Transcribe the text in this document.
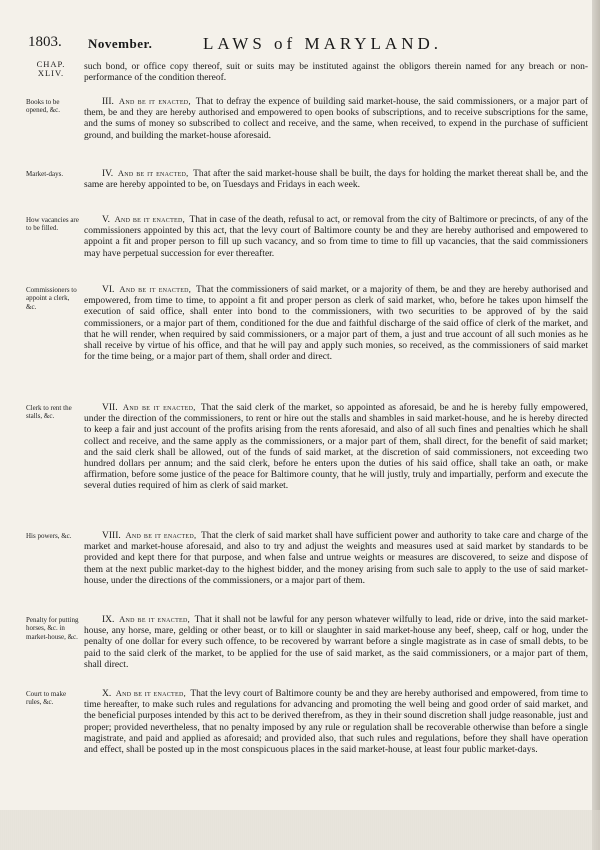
1803. November.	LAWS of MARYLAND.
CHAP.
XLIV.
such bond, or office copy thereof, suit or suits may be instituted against the obligors therein named for any breach or non-performance of the condition thereof.
Books to be opened, &c.
III. And be it enacted, That to defray the expence of building said market-house, the said commissioners, or a major part of them, be and they are hereby authorised and empowered to open books of subscriptions, and to receive subscriptions for the same, and the sums of money so subscribed to collect and receive, and the same, when received, to expend in the purchase of sufficient ground, and building the market-house aforesaid.
Market-days.	IV. And be it enacted, That after the said market-house shall be built, the days for holding the market thereat shall be, and the same are hereby appointed to be, on Tuesdays and Fridays in each week.
How vacancies are to be filled.
V. And be it enacted, That in case of the death, refusal to act, or removal from the city of Baltimore or precincts, of any of the commissioners appointed by this act, that the levy court of Baltimore county be and they are hereby authorised and empowered to appoint a fit and proper person to fill up such vacancy, and so from time to time to fill up vacancies, that the said commissioners may have perpetual succession for ever thereafter.
Commissioners to appoint a clerk, &c.
VI. And be it enacted, That the commissioners of said market, or a majority of them, be and they are hereby authorised and empowered, from time to time, to appoint a fit and proper person as clerk of said market, who, before he takes upon himself the execution of said office, shall enter into bond to the commissioners, with two securities to be approved of by the said commissioners, or a major part of them, conditioned for the due and faithful discharge of the said office of clerk of the market, and that he will render, when required by said commissioners, or a major part of them, a just and true account of all such monies as he shall receive by virtue of his office, and that he will pay and apply such monies, so received, as the commissioners of said market for the time being, or a major part of them, shall order and direct.
Clerk to rent the stalls, &c.
VII. And be it enacted, That the said clerk of the market, so appointed as aforesaid, be and he is hereby fully empowered, under the direction of the commissioners, to rent or hire out the stalls and shambles in said market-house, and he is hereby directed to keep a fair and just account of the profits arising from the rents aforesaid, and also of all such fines and penalties which he shall collect and receive, and the same apply as the commissioners, or a major part of them, shall direct, for the benefit of said market; and the said clerk shall be allowed, out of the funds of said market, at the discretion of said commissioners, not exceeding two hundred dollars per annum; and the said clerk, before he enters upon the duties of his said office, shall take an oath, or make affirmation, before some justice of the peace for Baltimore county, that he will justly, truly and impartially, perform and execute the several duties required of him as clerk of said market.
His powers, &c.	VIII. And be it enacted, That the clerk of said market shall have sufficient power and authority to take care and charge of the market and market-house aforesaid, and also to try and adjust the weights and measures used at said market by standards to be provided and kept there for that purpose, and when false and untrue weights or measures are discovered, to seize and dispose of them at the next public market-day to the highest bidder, and the money arising from such sale to apply to the use of said market-house, under the directions of the commissioners, or a major part of them.
Penalty for putting horses, &c. in market-house, &c.
IX. And be it enacted, That it shall not be lawful for any person whatever wilfully to lead, ride or drive, into the said market-house, any horse, mare, gelding or other beast, or to kill or slaughter in said market-house any beef, sheep, calf or hog, under the penalty of one dollar for every such offence, to be recovered by warrant before a single magistrate as in case of small debts, to be paid to the said clerk of the market, to be applied for the use of said market, as the said commissioners, or a major part of them, shall direct.
Court to make rules, &c.
X. And be it enacted, That the levy court of Baltimore county be and they are hereby authorised and empowered, from time to time hereafter, to make such rules and regulations for advancing and promoting the well being and good order of said market, and the beneficial purposes intended by this act to be derived therefrom, as they in their sound discretion shall judge reasonable, just and proper; provided nevertheless, that no penalty imposed by any rule or regulation shall be recoverable otherwise than before a single magistrate, and paid and applied as aforesaid; and provided also, that such rules and regulations, before they shall have operation and effect, shall be posted up in the most conspicuous places in the said market-house, at least four public market-days.
